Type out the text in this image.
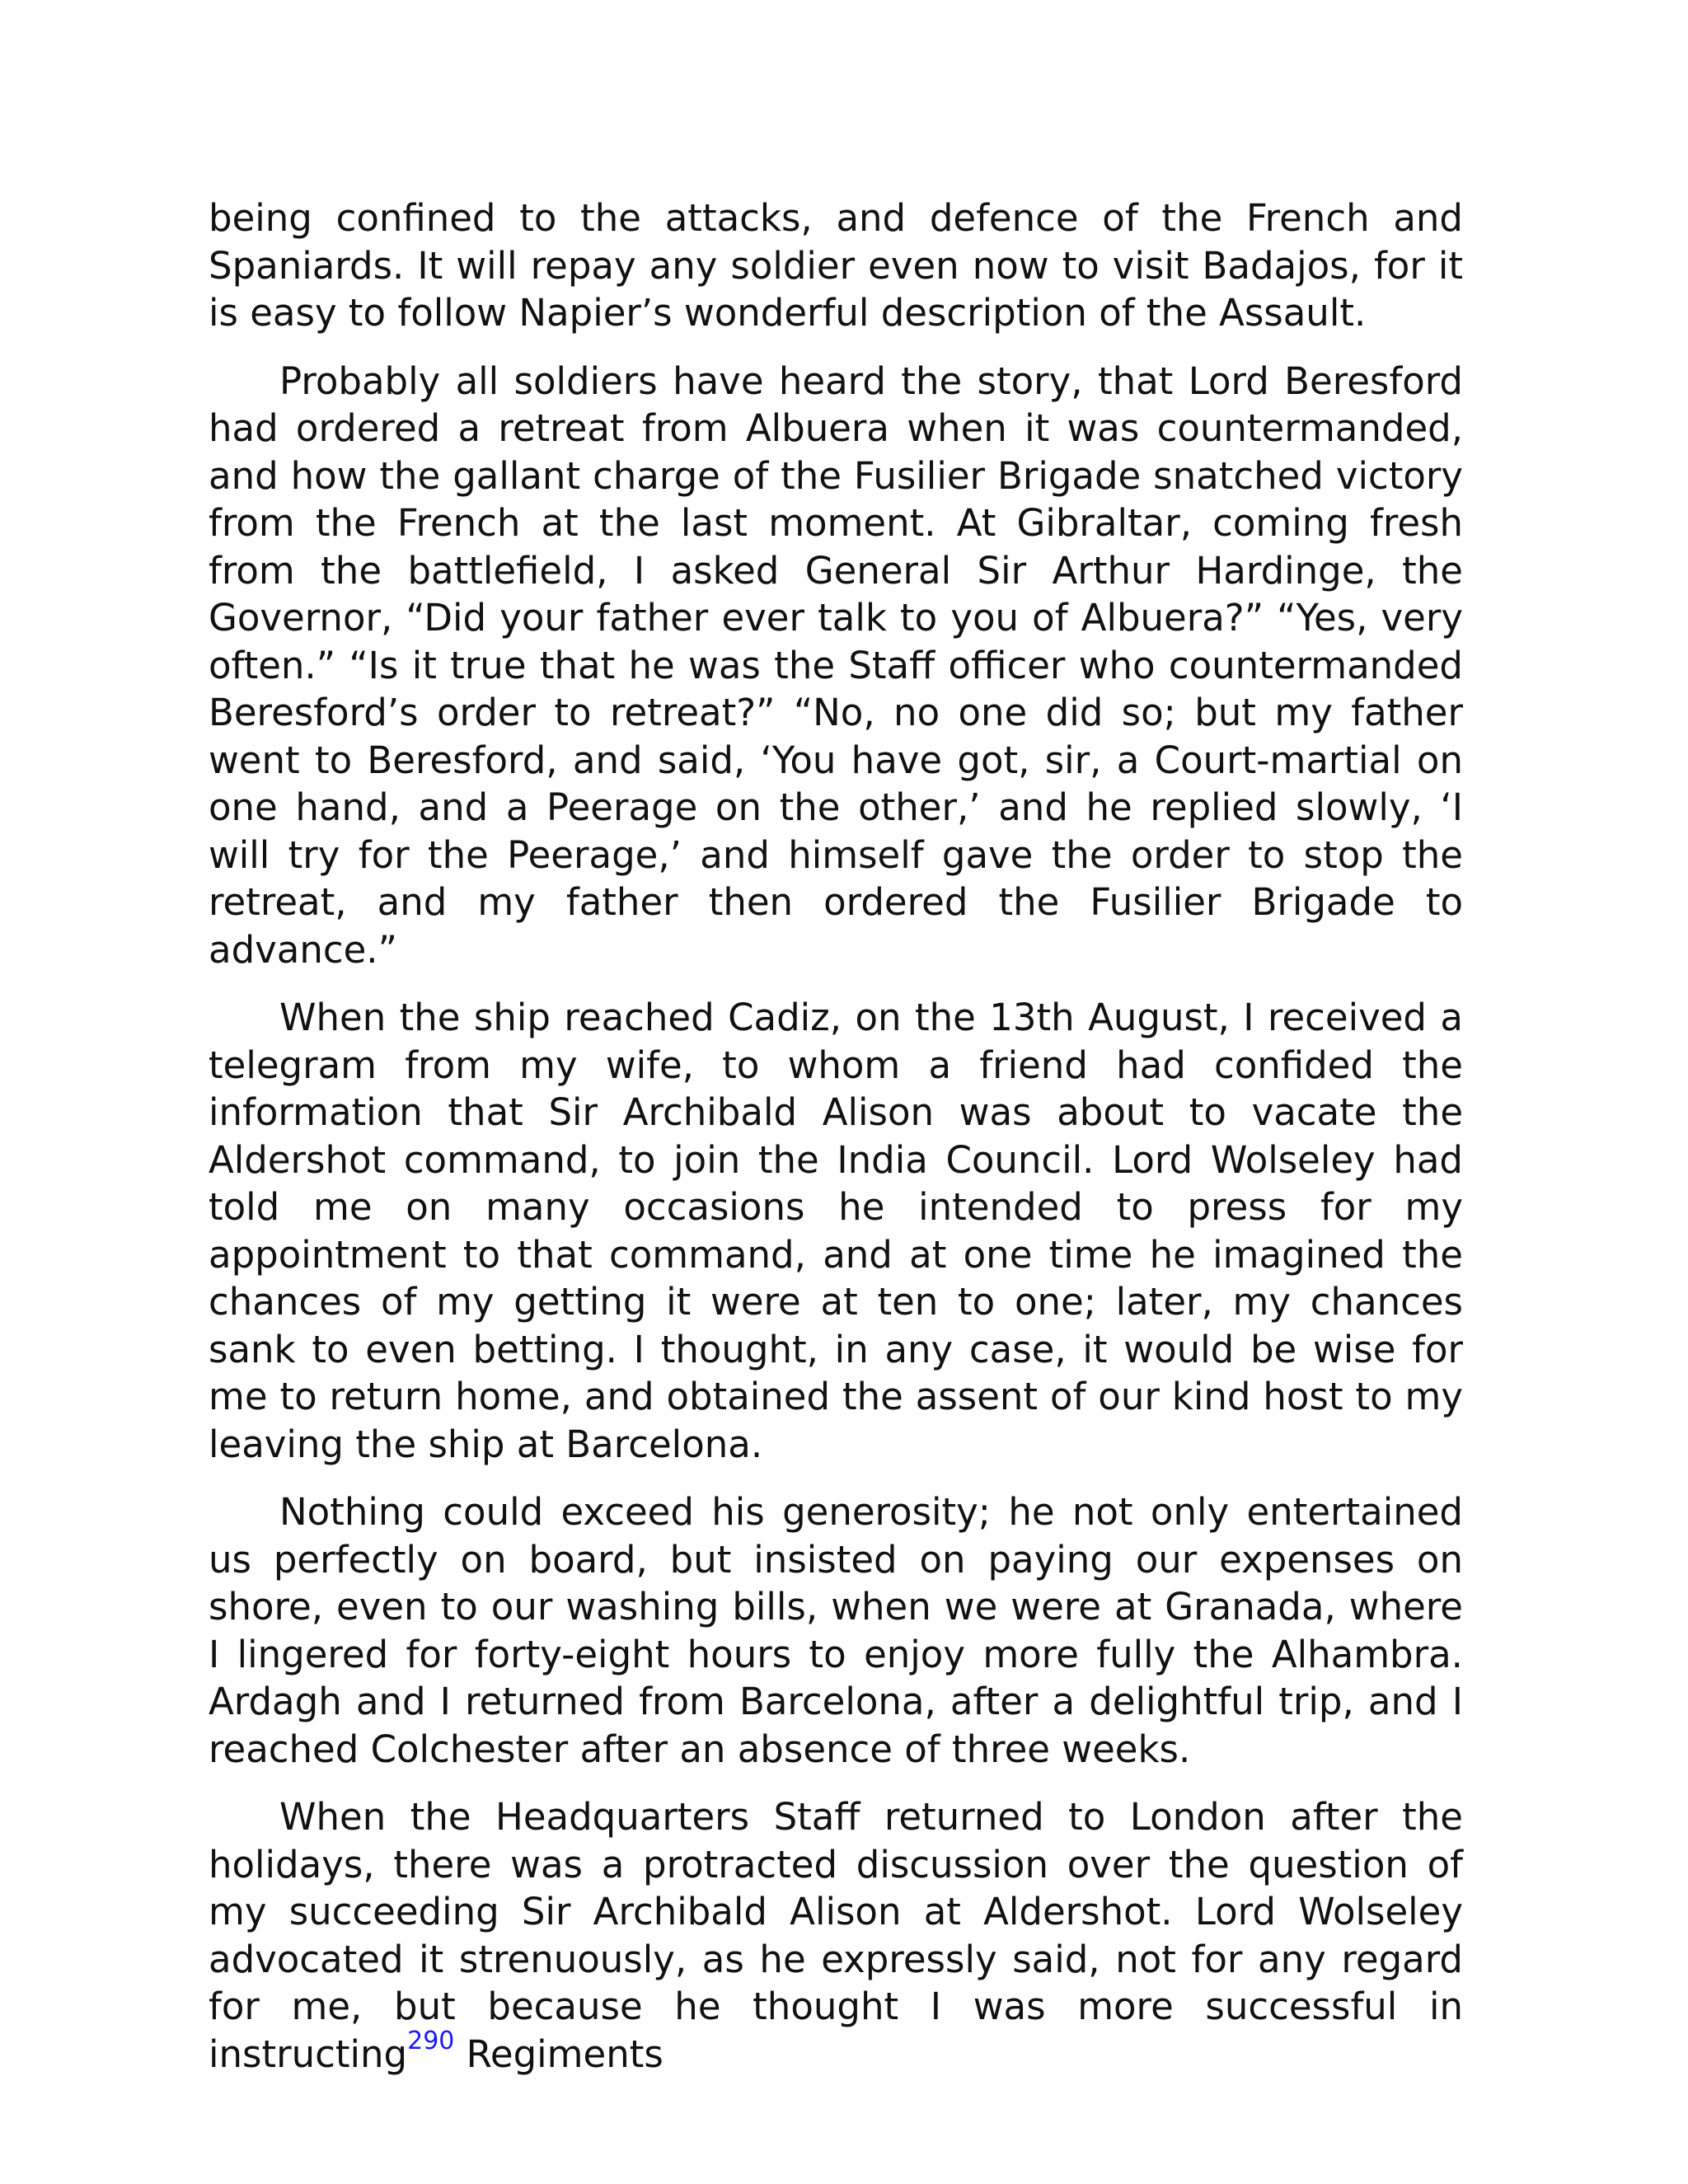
being confined to the attacks, and defence of the French and Spaniards. It will repay any soldier even now to visit Badajos, for it is easy to follow Napier’s wonderful description of the Assault.

Probably all soldiers have heard the story, that Lord Beresford had ordered a retreat from Albuera when it was countermanded, and how the gallant charge of the Fusilier Brigade snatched victory from the French at the last moment. At Gibraltar, coming fresh from the battlefield, I asked General Sir Arthur Hardinge, the Governor, “Did your father ever talk to you of Albuera?” “Yes, very often.” “Is it true that he was the Staff officer who countermanded Beresford’s order to retreat?” “No, no one did so; but my father went to Beresford, and said, ‘You have got, sir, a Court-martial on one hand, and a Peerage on the other,’ and he replied slowly, ‘I will try for the Peerage,’ and himself gave the order to stop the retreat, and my father then ordered the Fusilier Brigade to advance.”

When the ship reached Cadiz, on the 13th August, I received a telegram from my wife, to whom a friend had confided the information that Sir Archibald Alison was about to vacate the Aldershot command, to join the India Council. Lord Wolseley had told me on many occasions he intended to press for my appointment to that command, and at one time he imagined the chances of my getting it were at ten to one; later, my chances sank to even betting. I thought, in any case, it would be wise for me to return home, and obtained the assent of our kind host to my leaving the ship at Barcelona.

Nothing could exceed his generosity; he not only entertained us perfectly on board, but insisted on paying our expenses on shore, even to our washing bills, when we were at Granada, where I lingered for forty-eight hours to enjoy more fully the Alhambra. Ardagh and I returned from Barcelona, after a delightful trip, and I reached Colchester after an absence of three weeks.

When the Headquarters Staff returned to London after the holidays, there was a protracted discussion over the question of my succeeding Sir Archibald Alison at Aldershot. Lord Wolseley advocated it strenuously, as he expressly said, not for any regard for me, but because he thought I was more successful in instructing$^{290}$ Regiments
